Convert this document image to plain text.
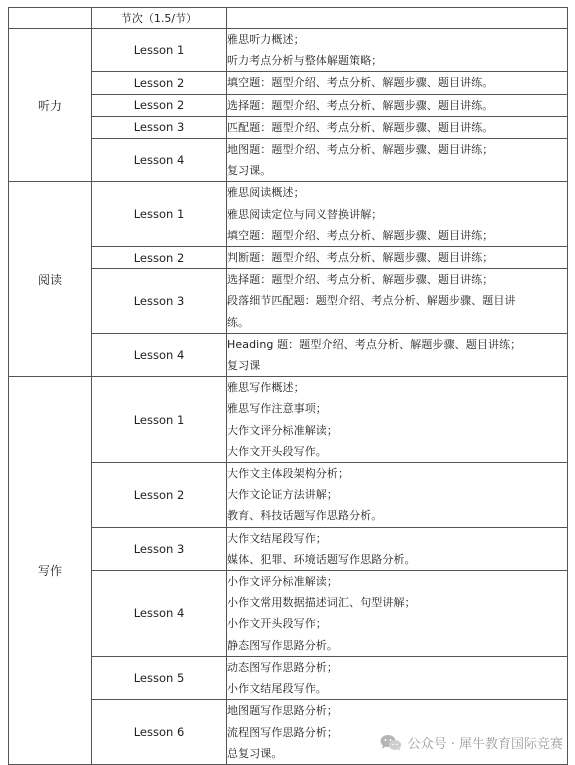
	节次（1.5/节）	
听力	Lesson 1	雅思听力概述；
听力考点分析与整体解题策略；

	Lesson 2	填空题：题型介绍、考点分析、解题步骤、题目讲练。

	Lesson 2	选择题：题型介绍、考点分析、解题步骤、题目讲练。

	Lesson 3	匹配题：题型介绍、考点分析、解题步骤、题目讲练。

	Lesson 4	地图题：题型介绍、考点分析、解题步骤、题目讲练；
复习课。

阅读	Lesson 1	雅思阅读概述；
雅思阅读定位与同义替换讲解；
填空题：题型介绍、考点分析、解题步骤、题目讲练；

	Lesson 2	判断题：题型介绍、考点分析、解题步骤、题目讲练；

	Lesson 3	选择题：题型介绍、考点分析、解题步骤、题目讲练；
段落细节匹配题：题型介绍、考点分析、解题步骤、题目讲
练。

	Lesson 4	Heading 题：题型介绍、考点分析、解题步骤、题目讲练；
复习课

写作	Lesson 1	雅思写作概述；
雅思写作注意事项；
大作文评分标准解读；
大作文开头段写作。

	Lesson 2	大作文主体段架构分析；
大作文论证方法讲解；
教育、科技话题写作思路分析。

	Lesson 3	大作文结尾段写作；
媒体、犯罪、环境话题写作思路分析。

	Lesson 4	小作文评分标准解读；
小作文常用数据描述词汇、句型讲解；
小作文开头段写作；
静态图写作思路分析。

	Lesson 5	动态图写作思路分析；
小作文结尾段写作。

	Lesson 6	地图题写作思路分析；
流程图写作思路分析；
总复习课。
公众号 · 犀牛教育国际竞赛
